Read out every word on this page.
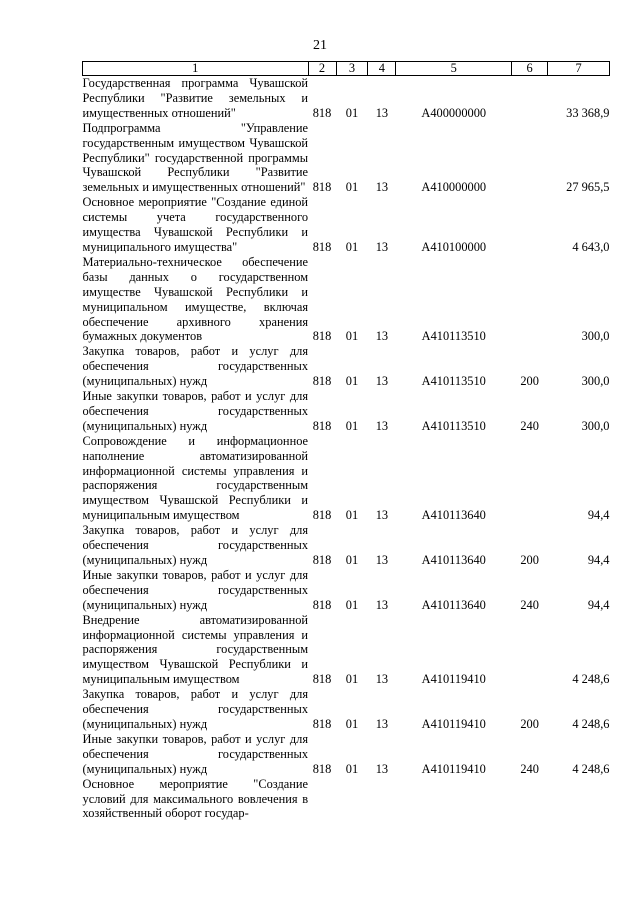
21
1	2	3	4	5	6	7
Государственная программа Чувашской Республики "Развитие земельных и имущественных отношений"	818	01	13	А400000000		33 368,9
Подпрограмма "Управление государственным имуществом Чувашской Республики" государственной программы Чувашской Республики "Развитие земельных и имущественных отношений"	818	01	13	А410000000		27 965,5
Основное мероприятие "Создание единой системы учета государственного имущества Чувашской Республики и муниципального имущества"	818	01	13	А410100000		4 643,0
Материально-техническое обеспечение базы данных о государственном имуществе Чувашской Республики и муниципальном имуществе, включая обеспечение архивного хранения бумажных документов	818	01	13	А410113510		300,0
Закупка товаров, работ и услуг для обеспечения государственных (муниципальных) нужд	818	01	13	А410113510	200	300,0
Иные закупки товаров, работ и услуг для обеспечения государственных (муниципальных) нужд	818	01	13	А410113510	240	300,0
Сопровождение и информационное наполнение автоматизированной информационной системы управления и распоряжения государственным имуществом Чувашской Республики и муниципальным имуществом	818	01	13	А410113640		94,4
Закупка товаров, работ и услуг для обеспечения государственных (муниципальных) нужд	818	01	13	А410113640	200	94,4
Иные закупки товаров, работ и услуг для обеспечения государственных (муниципальных) нужд	818	01	13	А410113640	240	94,4
Внедрение автоматизированной информационной системы управления и распоряжения государственным имуществом Чувашской Республики и муниципальным имуществом	818	01	13	А410119410		4 248,6
Закупка товаров, работ и услуг для обеспечения государственных (муниципальных) нужд	818	01	13	А410119410	200	4 248,6
Иные закупки товаров, работ и услуг для обеспечения государственных (муниципальных) нужд	818	01	13	А410119410	240	4 248,6
Основное мероприятие "Создание условий для максимального вовлечения в хозяйственный оборот государ-						
